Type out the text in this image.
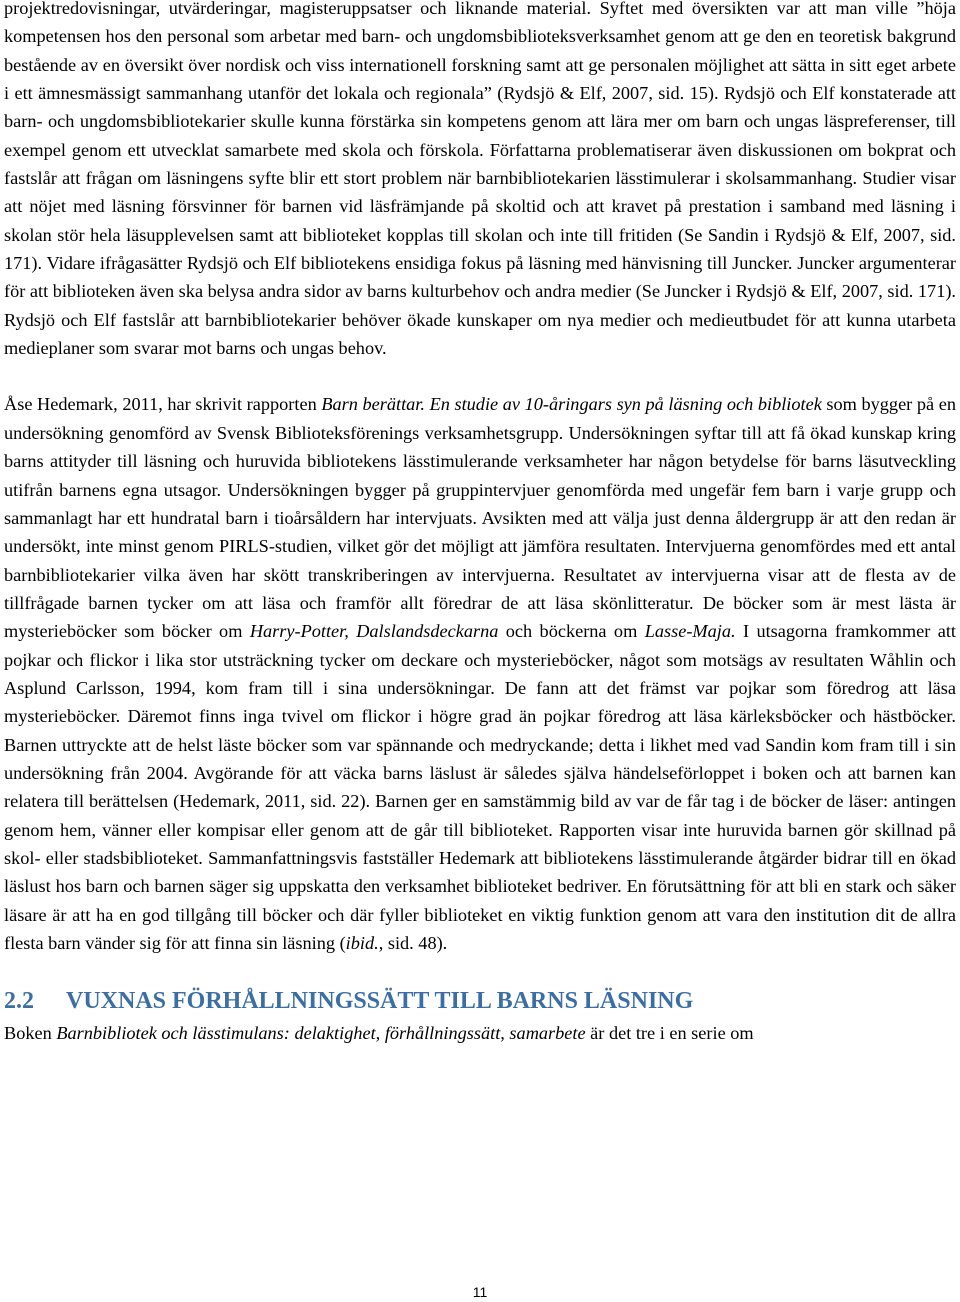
projektredovisningar, utvärderingar, magisteruppsatser och liknande material. Syftet med översikten var att man ville ”höja kompetensen hos den personal som arbetar med barn- och ungdomsbiblioteksverksamhet genom att ge den en teoretisk bakgrund bestående av en översikt över nordisk och viss internationell forskning samt att ge personalen möjlighet att sätta in sitt eget arbete i ett ämnesmässigt sammanhang utanför det lokala och regionala” (Rydsjö & Elf, 2007, sid. 15). Rydsjö och Elf konstaterade att barn- och ungdomsbibliotekarier skulle kunna förstärka sin kompetens genom att lära mer om barn och ungas läspreferenser, till exempel genom ett utvecklat samarbete med skola och förskola. Författarna problematiserar även diskussionen om bokprat och fastslår att frågan om läsningens syfte blir ett stort problem när barnbibliotekarien lässtimulerar i skolsammanhang. Studier visar att nöjet med läsning försvinner för barnen vid läsfrämjande på skoltid och att kravet på prestation i samband med läsning i skolan stör hela läsupplevelsen samt att biblioteket kopplas till skolan och inte till fritiden (Se Sandin i Rydsjö & Elf, 2007, sid. 171). Vidare ifrågasätter Rydsjö och Elf bibliotekens ensidiga fokus på läsning med hänvisning till Juncker. Juncker argumenterar för att biblioteken även ska belysa andra sidor av barns kulturbehov och andra medier (Se Juncker i Rydsjö & Elf, 2007, sid. 171). Rydsjö och Elf fastslår att barnbibliotekarier behöver ökade kunskaper om nya medier och medieutbudet för att kunna utarbeta medieplaner som svarar mot barns och ungas behov.

Åse Hedemark, 2011, har skrivit rapporten Barn berättar. En studie av 10-åringars syn på läsning och bibliotek som bygger på en undersökning genomförd av Svensk Biblioteksförenings verksamhetsgrupp. Undersökningen syftar till att få ökad kunskap kring barns attityder till läsning och huruvida bibliotekens lässtimulerande verksamheter har någon betydelse för barns läsutveckling utifrån barnens egna utsagor. Undersökningen bygger på gruppintervjuer genomförda med ungefär fem barn i varje grupp och sammanlagt har ett hundratal barn i tioårsåldern har intervjuats. Avsikten med att välja just denna åldergrupp är att den redan är undersökt, inte minst genom PIRLS-studien, vilket gör det möjligt att jämföra resultaten. Intervjuerna genomfördes med ett antal barnbibliotekarier vilka även har skött transkriberingen av intervjuerna. Resultatet av intervjuerna visar att de flesta av de tillfrågade barnen tycker om att läsa och framför allt föredrar de att läsa skönlitteratur. De böcker som är mest lästa är mysterieböcker som böcker om Harry-Potter, Dalslandsdeckarna och böckerna om Lasse-Maja. I utsagorna framkommer att pojkar och flickor i lika stor utsträckning tycker om deckare och mysterieböcker, något som motsägs av resultaten Wåhlin och Asplund Carlsson, 1994, kom fram till i sina undersökningar. De fann att det främst var pojkar som föredrog att läsa mysterieböcker. Däremot finns inga tvivel om flickor i högre grad än pojkar föredrog att läsa kärleksböcker och hästböcker. Barnen uttryckte att de helst läste böcker som var spännande och medryckande; detta i likhet med vad Sandin kom fram till i sin undersökning från 2004. Avgörande för att väcka barns läslust är således själva händelseförloppet i boken och att barnen kan relatera till berättelsen (Hedemark, 2011, sid. 22). Barnen ger en samstämmig bild av var de får tag i de böcker de läser: antingen genom hem, vänner eller kompisar eller genom att de går till biblioteket. Rapporten visar inte huruvida barnen gör skillnad på skol- eller stadsbiblioteket. Sammanfattningsvis fastställer Hedemark att bibliotekens lässtimulerande åtgärder bidrar till en ökad läslust hos barn och barnen säger sig uppskatta den verksamhet biblioteket bedriver. En förutsättning för att bli en stark och säker läsare är att ha en god tillgång till böcker och där fyller biblioteket en viktig funktion genom att vara den institution dit de allra flesta barn vänder sig för att finna sin läsning (ibid., sid. 48).

2.2	VUXNAS FÖRHÅLLNINGSSÄTT TILL BARNS LÄSNING

Boken Barnbibliotek och lässtimulans: delaktighet, förhållningssätt, samarbete är det tre i en serie om

11
